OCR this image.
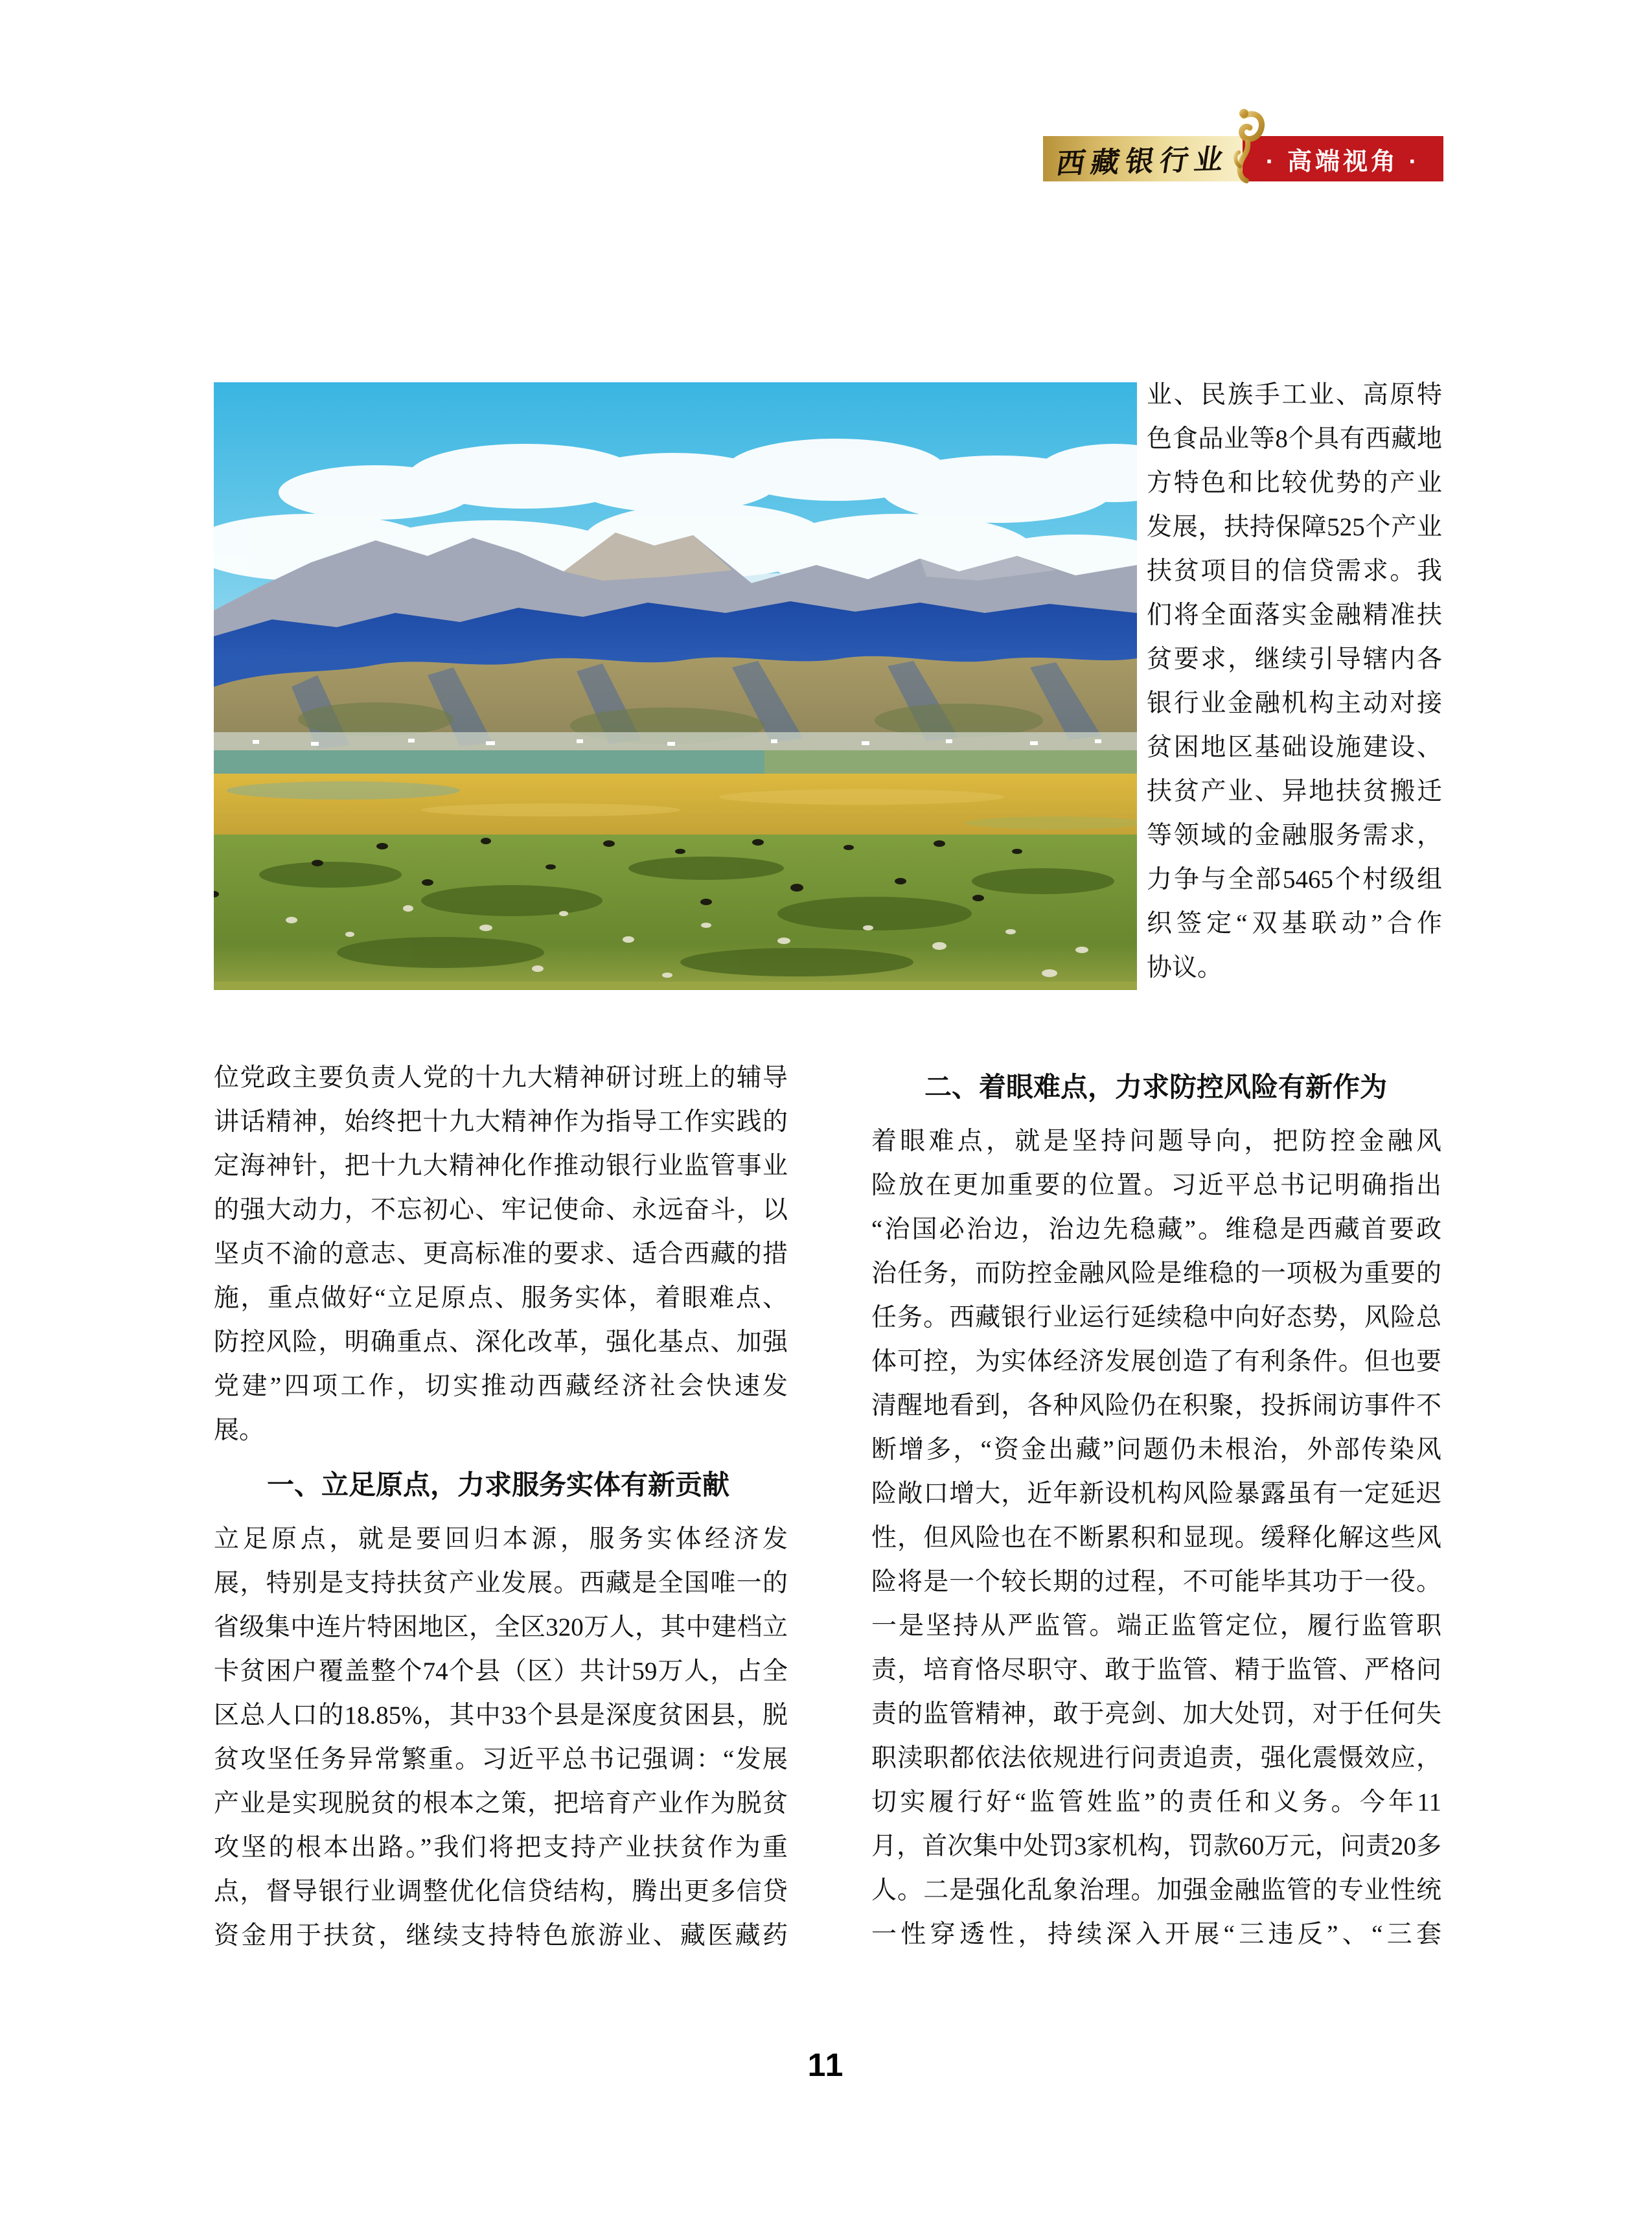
西藏银行业 · 高端视角 ·
业、民族手工业、高原特
色食品业等8个具有西藏地
方特色和比较优势的产业
发展，扶持保障525个产业
扶贫项目的信贷需求。我
们将全面落实金融精准扶
贫要求，继续引导辖内各
银行业金融机构主动对接
贫困地区基础设施建设、
扶贫产业、异地扶贫搬迁
等领域的金融服务需求，
力争与全部5465个村级组
织签定“双基联动”合作
协议。
位党政主要负责人党的十九大精神研讨班上的辅导
讲话精神，始终把十九大精神作为指导工作实践的
定海神针，把十九大精神化作推动银行业监管事业
的强大动力，不忘初心、牢记使命、永远奋斗，以
坚贞不渝的意志、更高标准的要求、适合西藏的措
施，重点做好“立足原点、服务实体，着眼难点、
防控风险，明确重点、深化改革，强化基点、加强
党建”四项工作，切实推动西藏经济社会快速发
展。
一、立足原点，力求服务实体有新贡献
立足原点，就是要回归本源，服务实体经济发
展，特别是支持扶贫产业发展。西藏是全国唯一的
省级集中连片特困地区，全区320万人，其中建档立
卡贫困户覆盖整个74个县（区）共计59万人，占全
区总人口的18.85%，其中33个县是深度贫困县，脱
贫攻坚任务异常繁重。习近平总书记强调：“发展
产业是实现脱贫的根本之策，把培育产业作为脱贫
攻坚的根本出路。”我们将把支持产业扶贫作为重
点，督导银行业调整优化信贷结构，腾出更多信贷
资金用于扶贫，继续支持特色旅游业、藏医藏药
二、着眼难点，力求防控风险有新作为
着眼难点，就是坚持问题导向，把防控金融风
险放在更加重要的位置。习近平总书记明确指出
“治国必治边，治边先稳藏”。维稳是西藏首要政
治任务，而防控金融风险是维稳的一项极为重要的
任务。西藏银行业运行延续稳中向好态势，风险总
体可控，为实体经济发展创造了有利条件。但也要
清醒地看到，各种风险仍在积聚，投拆闹访事件不
断增多，“资金出藏”问题仍未根治，外部传染风
险敞口增大，近年新设机构风险暴露虽有一定延迟
性，但风险也在不断累积和显现。缓释化解这些风
险将是一个较长期的过程，不可能毕其功于一役。
一是坚持从严监管。端正监管定位，履行监管职
责，培育恪尽职守、敢于监管、精于监管、严格问
责的监管精神，敢于亮剑、加大处罚，对于任何失
职渎职都依法依规进行问责追责，强化震慑效应，
切实履行好“监管姓监”的责任和义务。今年11
月，首次集中处罚3家机构，罚款60万元，问责20多
人。二是强化乱象治理。加强金融监管的专业性统
一性穿透性，持续深入开展“三违反”、“三套
11
